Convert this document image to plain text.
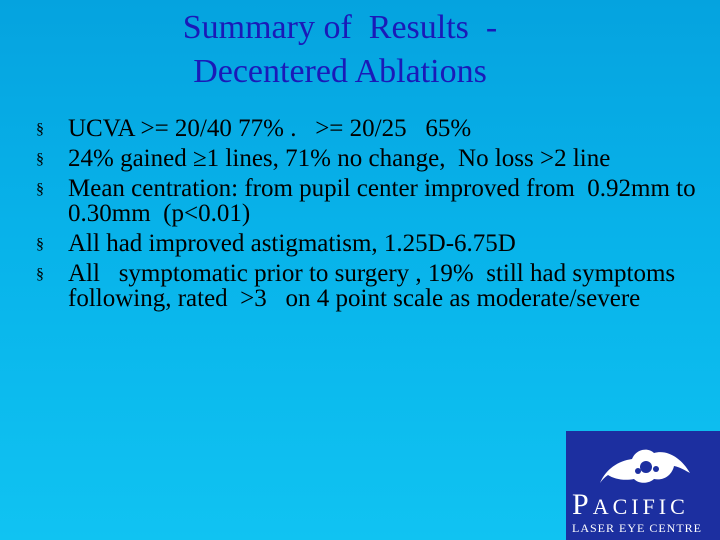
Summary of  Results  -
Decentered Ablations
§ UCVA >= 20/40 77% .   >= 20/25   65%
§ 24% gained ≥1 lines, 71% no change,  No loss >2 line
§ Mean centration: from pupil center improved from  0.92mm to 0.30mm  (p<0.01)
§ All had improved astigmatism, 1.25D-6.75D
§ All   symptomatic prior to surgery , 19%  still had symptoms following, rated  >3   on 4 point scale as moderate/severe
PACIFIC
LASER EYE CENTRE
